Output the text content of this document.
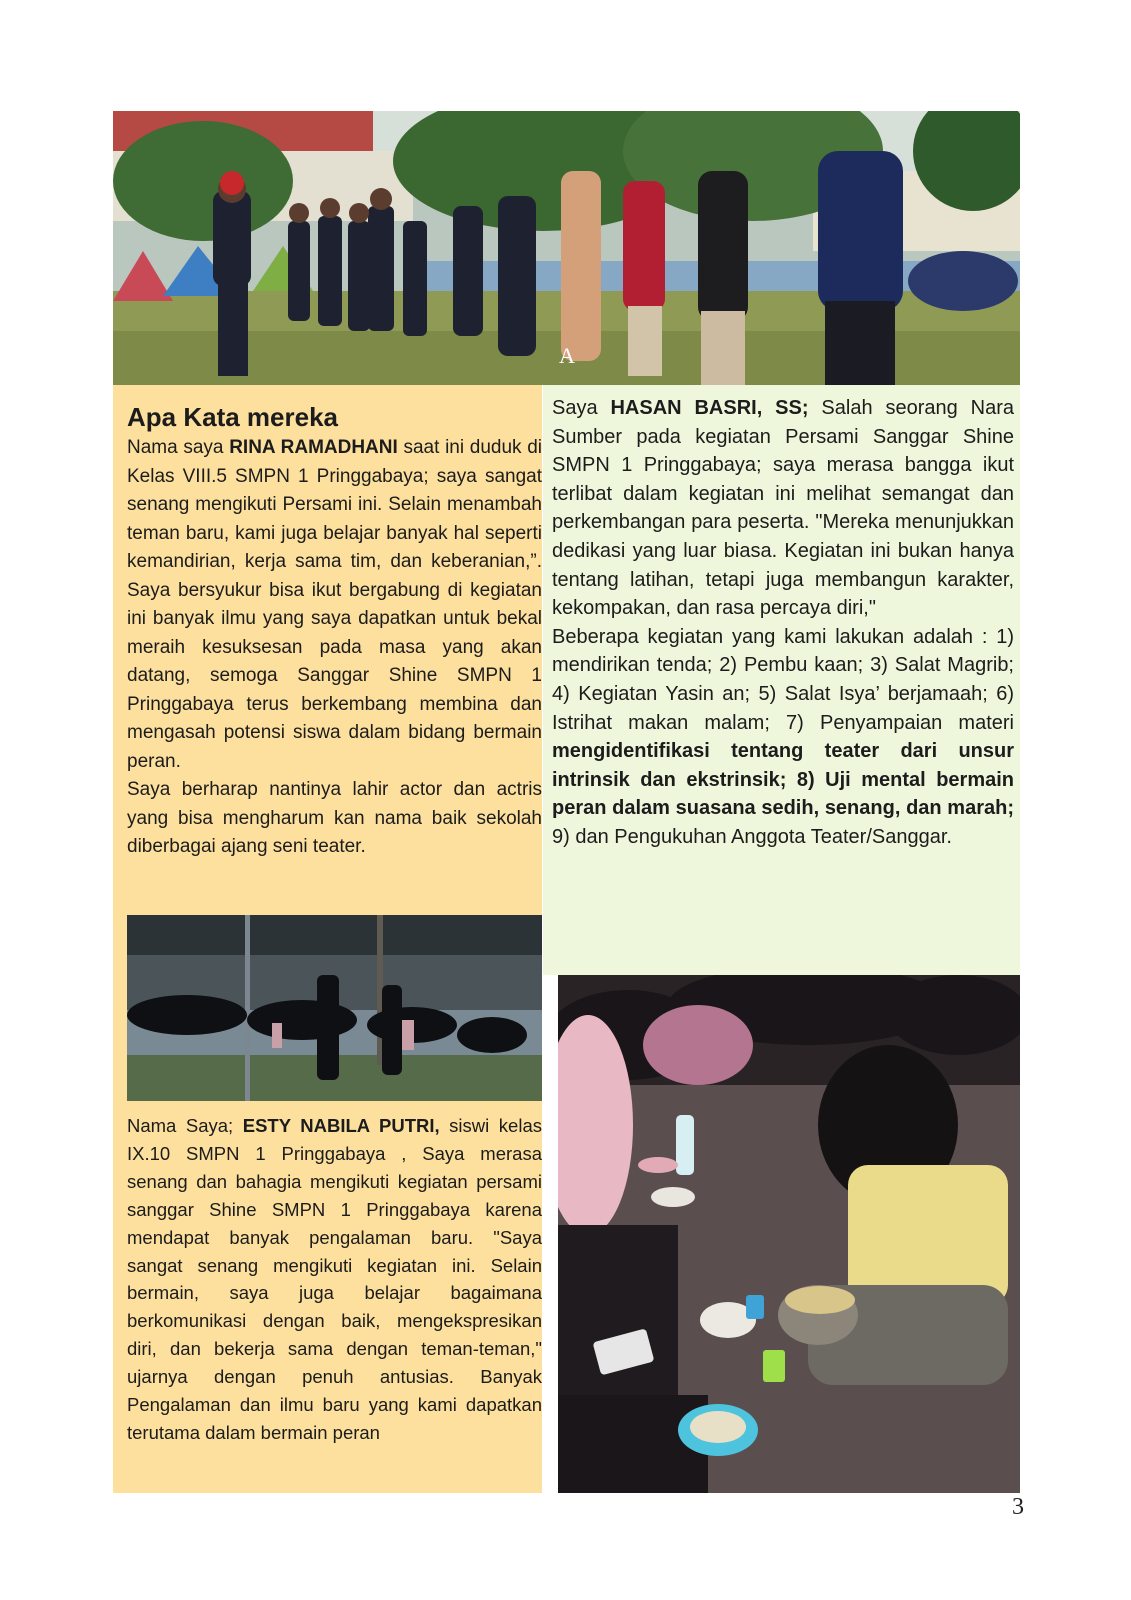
A
Apa Kata mereka

Nama saya RINA RAMADHANI saat ini duduk di Kelas VIII.5 SMPN 1 Pringgabaya; saya sangat senang mengikuti Persami ini. Selain menambah teman baru, kami juga belajar banyak hal seperti kemandirian, kerja sama tim, dan keberanian,”. Saya bersyukur bisa ikut bergabung di kegiatan ini banyak ilmu yang saya dapatkan untuk bekal meraih kesuksesan pada masa yang akan datang, semoga Sanggar Shine SMPN 1 Pringgabaya terus berkembang membina dan mengasah potensi siswa dalam bidang bermain peran.

Saya berharap nantinya lahir actor dan actris yang bisa mengharum kan nama baik sekolah diberbagai ajang seni teater.

Nama Saya; ESTY NABILA PUTRI, siswi kelas IX.10 SMPN 1 Pringgabaya , Saya merasa senang dan bahagia mengikuti kegiatan persami sanggar Shine SMPN 1 Pringgabaya karena mendapat banyak pengalaman baru. "Saya sangat senang mengikuti kegiatan ini. Selain bermain, saya juga belajar bagaimana berkomunikasi dengan baik, mengekspresikan diri, dan bekerja sama dengan teman-teman," ujarnya dengan penuh antusias. Banyak Pengalaman dan ilmu baru yang kami dapatkan terutama dalam bermain peran

Saya HASAN BASRI, SS; Salah seorang Nara Sumber pada kegiatan Persami Sanggar Shine SMPN 1 Pringgabaya; saya merasa bangga ikut terlibat dalam kegiatan ini melihat semangat dan perkembangan para peserta. "Mereka menunjukkan dedikasi yang luar biasa. Kegiatan ini bukan hanya tentang latihan, tetapi juga membangun karakter, kekompakan, dan rasa percaya diri,"

Beberapa kegiatan yang kami lakukan adalah : 1) mendirikan tenda; 2) Pembu kaan; 3) Salat Magrib; 4) Kegiatan Yasin an; 5) Salat Isya’ berjamaah; 6) Istrihat makan malam; 7) Penyampaian materi mengidentifikasi tentang teater dari unsur intrinsik dan ekstrinsik; 8) Uji mental bermain peran dalam suasana sedih, senang, dan marah; 9) dan Pengukuhan Anggota Teater/Sanggar.

3
